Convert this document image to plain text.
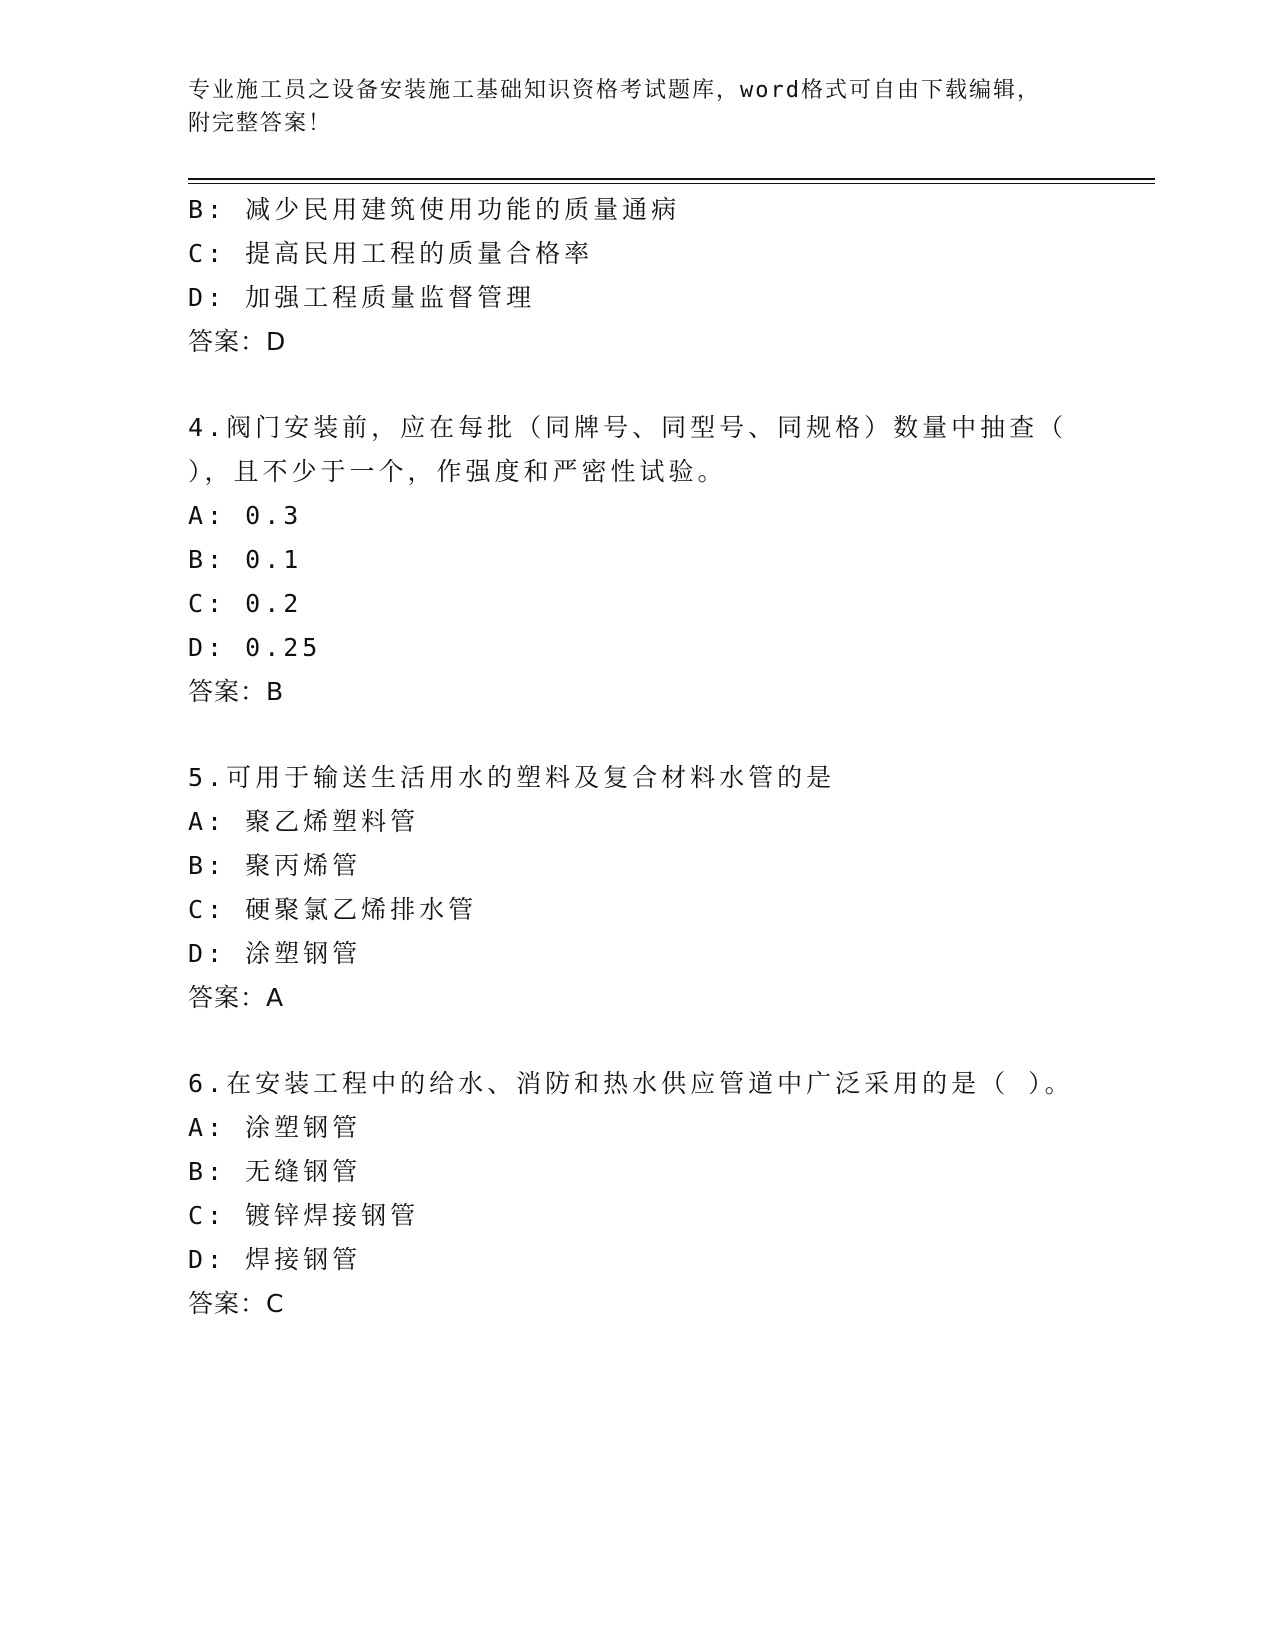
专业施工员之设备安装施工基础知识资格考试题库，word格式可自由下载编辑，
附完整答案！
B: 减少民用建筑使用功能的质量通病
C: 提高民用工程的质量合格率
D: 加强工程质量监督管理
答案：D
4.阀门安装前，应在每批（同牌号、同型号、同规格）数量中抽查（
），且不少于一个，作强度和严密性试验。
A: 0.3
B: 0.1
C: 0.2
D: 0.25
答案：B
5.可用于输送生活用水的塑料及复合材料水管的是
A: 聚乙烯塑料管
B: 聚丙烯管
C: 硬聚氯乙烯排水管
D: 涂塑钢管
答案：A
6.在安装工程中的给水、消防和热水供应管道中广泛采用的是（ ）。
A: 涂塑钢管
B: 无缝钢管
C: 镀锌焊接钢管
D: 焊接钢管
答案：C
